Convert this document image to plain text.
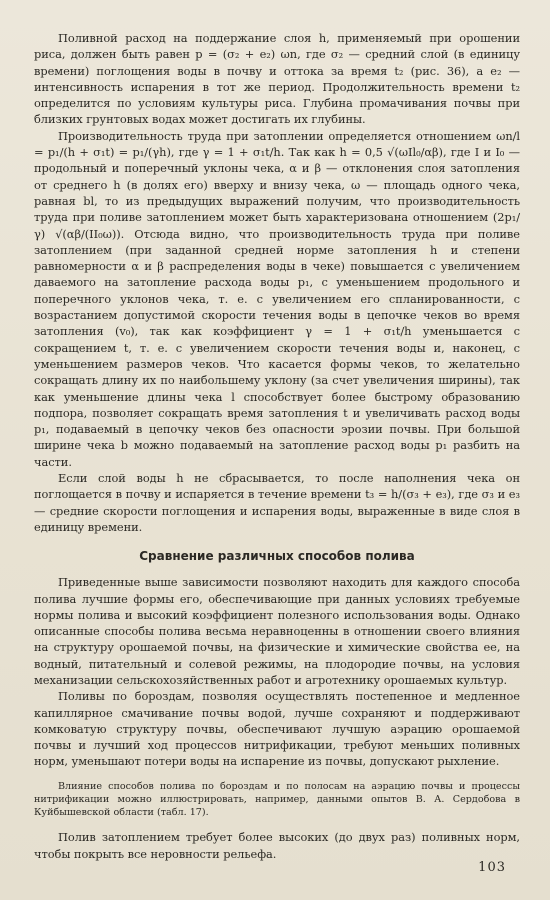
Поливной расход на поддержание слоя h, применяемый при орошении риса, должен быть равен p = (σ₂ + e₂) ωn, где σ₂ — средний слой (в единицу времени) поглощения воды в почву и оттока за время t₂ (рис. 36), а e₂ — интенсивность испарения в тот же период. Продолжительность времени t₂ определится по условиям культуры риса. Глубина промачивания почвы при близких грунтовых водах может достигать их глубины.

Производительность труда при затоплении определяется отношением ωn/l = p₁/(h + σ₁t) = p₁/(γh), где γ = 1 + σ₁t/h. Так как h = 0,5 √(ωIl₀/αβ), где I и I₀ — продольный и поперечный уклоны чека, α и β — отклонения слоя затопления от среднего h (в долях его) вверху и внизу чека, ω — площадь одного чека, равная bl, то из предыдущих выражений получим, что производительность труда при поливе затоплением может быть характеризована отношением (2p₁/γ) √(αβ/(II₀ω)). Отсюда видно, что производительность труда при поливе затоплением (при заданной средней норме затопления h и степени равномерности α и β распределения воды в чеке) повышается с увеличением даваемого на затопление расхода воды p₁, с уменьшением продольного и поперечного уклонов чека, т. е. с увеличением его спланированности, с возрастанием допустимой скорости течения воды в цепочке чеков во время затопления (v₀), так как коэффициент γ = 1 + σ₁t/h уменьшается с сокращением t, т. е. с увеличением скорости течения воды и, наконец, с уменьшением размеров чеков. Что касается формы чеков, то желательно сокращать длину их по наибольшему уклону (за счет увеличения ширины), так как уменьшение длины чека l способствует более быстрому образованию подпора, позволяет сокращать время затопления t и увеличивать расход воды p₁, подаваемый в цепочку чеков без опасности эрозии почвы. При большой ширине чека b можно подаваемый на затопление расход воды p₁ разбить на части.

Если слой воды h не сбрасывается, то после наполнения чека он поглощается в почву и испаряется в течение времени t₃ = h/(σ₃ + e₃), где σ₃ и e₃ — средние скорости поглощения и испарения воды, выраженные в виде слоя в единицу времени.

Сравнение различных способов полива

Приведенные выше зависимости позволяют находить для каждого способа полива лучшие формы его, обеспечивающие при данных условиях требуемые нормы полива и высокий коэффициент полезного использования воды. Однако описанные способы полива весьма неравноценны в отношении своего влияния на структуру орошаемой почвы, на физические и химические свойства ее, на водный, питательный и солевой режимы, на плодородие почвы, на условия механизации сельскохозяйственных работ и агротехнику орошаемых культур.

Поливы по бороздам, позволяя осуществлять постепенное и медленное капиллярное смачивание почвы водой, лучше сохраняют и поддерживают комковатую структуру почвы, обеспечивают лучшую аэрацию орошаемой почвы и лучший ход процессов нитрификации, требуют меньших поливных норм, уменьшают потери воды на испарение из почвы, допускают рыхление.

Влияние способов полива по бороздам и по полосам на аэрацию почвы и процессы нитрификации можно иллюстрировать, например, данными опытов В. А. Сердобова в Куйбышевской области (табл. 17).

Полив затоплением требует более высоких (до двух раз) поливных норм, чтобы покрыть все неровности рельефа.

103
